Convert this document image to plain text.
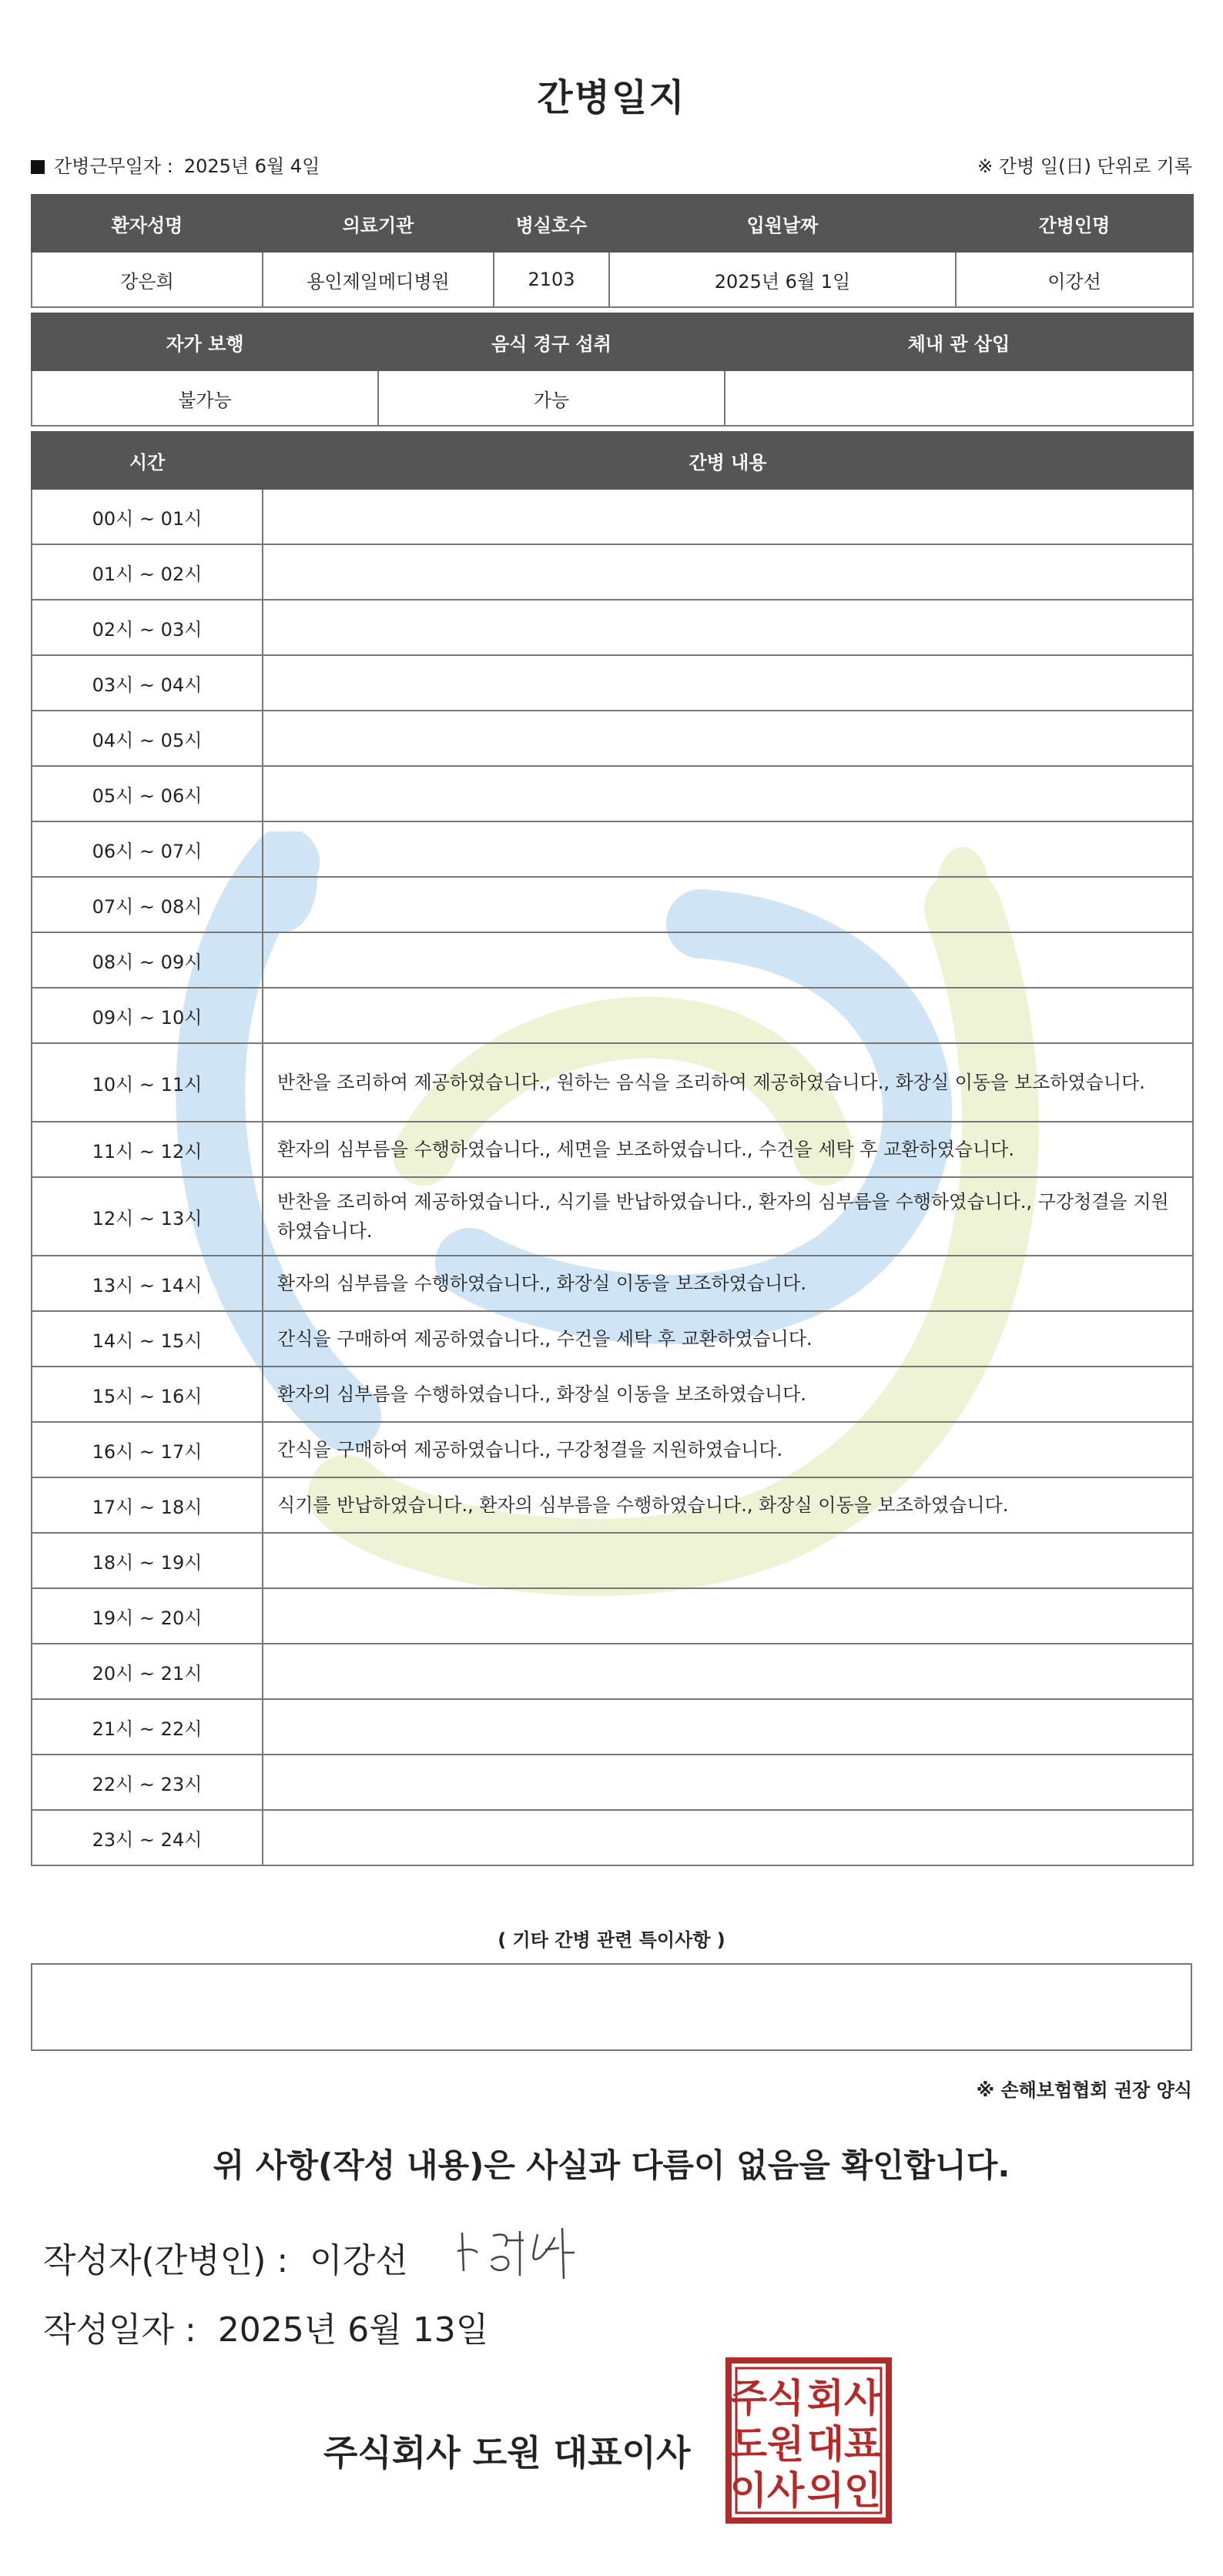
간병일지
간병근무일자 : 2025년 6월 4일	※ 간병 일(日) 단위로 기록
환자성명	의료기관	병실호수	입원날짜	간병인명
강은희	용인제일메디병원	2103	2025년 6월 1일	이강선
자가 보행	음식 경구 섭취	체내 관 삽입
불가능	가능	
시간	간병 내용
00시 ~ 01시	
01시 ~ 02시	
02시 ~ 03시	
03시 ~ 04시	
04시 ~ 05시	
05시 ~ 06시	
06시 ~ 07시	
07시 ~ 08시	
08시 ~ 09시	
09시 ~ 10시	
10시 ~ 11시	반찬을 조리하여 제공하였습니다., 원하는 음식을 조리하여 제공하였습니다., 화장실 이동을 보조하였습니다.
11시 ~ 12시	환자의 심부름을 수행하였습니다., 세면을 보조하였습니다., 수건을 세탁 후 교환하였습니다.
12시 ~ 13시	반찬을 조리하여 제공하였습니다., 식기를 반납하였습니다., 환자의 심부름을 수행하였습니다., 구강청결을 지원하였습니다.
13시 ~ 14시	환자의 심부름을 수행하였습니다., 화장실 이동을 보조하였습니다.
14시 ~ 15시	간식을 구매하여 제공하였습니다., 수건을 세탁 후 교환하였습니다.
15시 ~ 16시	환자의 심부름을 수행하였습니다., 화장실 이동을 보조하였습니다.
16시 ~ 17시	간식을 구매하여 제공하였습니다., 구강청결을 지원하였습니다.
17시 ~ 18시	식기를 반납하였습니다., 환자의 심부름을 수행하였습니다., 화장실 이동을 보조하였습니다.
18시 ~ 19시	
19시 ~ 20시	
20시 ~ 21시	
21시 ~ 22시	
22시 ~ 23시	
23시 ~ 24시	
( 기타 간병 관련 특이사항 )
※ 손해보험협회 권장 양식
위 사항(작성 내용)은 사실과 다름이 없음을 확인합니다.
작성자(간병인) : 이강선
작성일자 : 2025년 6월 13일
주식회사 도원 대표이사
주식 회사
도원 대표
이사 의인
